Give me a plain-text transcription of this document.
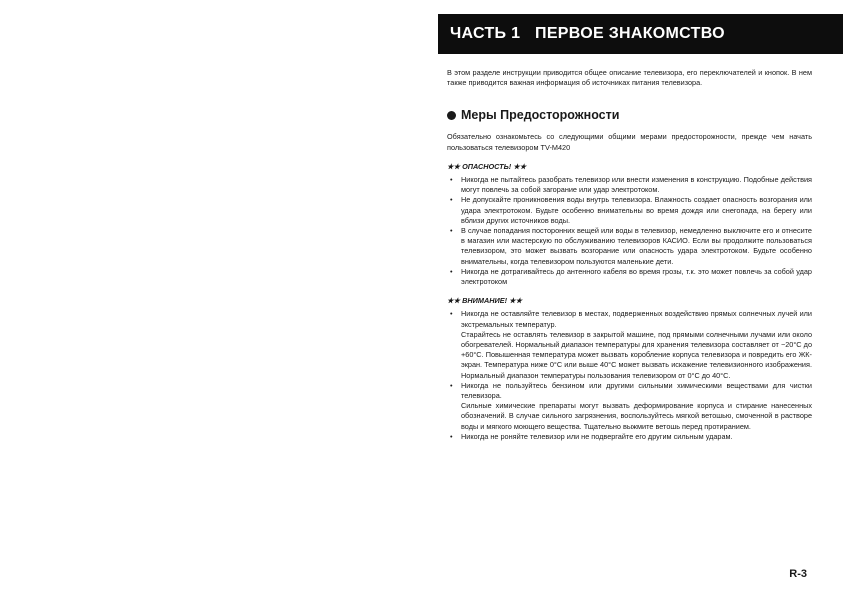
ЧАСТЬ 1 ПЕРВОЕ ЗНАКОМСТВО

В этом разделе инструкции приводится общее описание телевизора, его переключателей и кнопок. В нем также приводится важная информация об источниках питания телевизора.

Меры Предосторожности

Обязательно ознакомьтесь со следующими общими мерами предосторожности, прежде чем начать пользоваться телевизором TV-M420

★★ ОПАСНОСТЬ! ★★
• Никогда не пытайтесь разобрать телевизор или внести изменения в конструкцию. Подобные действия могут повлечь за собой загорание или удар электротоком.
• Не допускайте проникновения воды внутрь телевизора. Влажность создает опасность возгорания или удара электротоком. Будьте особенно внимательны во время дождя или снегопада, на берегу или вблизи других источников воды.
• В случае попадания посторонних вещей или воды в телевизор, немедленно выключите его и отнесите в магазин или мастерскую по обслуживанию телевизоров КАСИО. Если вы продолжите пользоваться телевизором, это может вызвать возгорание или опасность удара электротоком. Будьте особенно внимательны, когда телевизором пользуются маленькие дети.
• Никогда не дотрагивайтесь до антенного кабеля во время грозы, т.к. это может повлечь за собой удар электротоком
★★ ВНИМАНИЕ! ★★
• Никогда не оставляйте телевизор в местах, подверженных воздействию прямых солнечных лучей или экстремальных температур.
Старайтесь не оставлять телевизор в закрытой машине, под прямыми солнечными лучами или около обогревателей. Нормальный диапазон температуры для хранения телевизора составляет от −20°C до +60°C. Повышенная температура может вызвать коробление корпуса телевизора и повредить его ЖК-экран. Температура ниже 0°C или выше 40°C может вызвать искажение телевизионного изображения. Нормальный диапазон температуры пользования телевизором от 0°C до 40°C.
• Никогда не пользуйтесь бензином или другими сильными химическими веществами для чистки телевизора.
Сильные химические препараты могут вызвать деформирование корпуса и стирание нанесенных обозначений. В случае сильного загрязнения, воспользуйтесь мягкой ветошью, смоченной в растворе воды и мягкого моющего вещества. Тщательно выжмите ветошь перед протиранием.
• Никогда не роняйте телевизор или не подвергайте его другим сильным ударам.
R-3
